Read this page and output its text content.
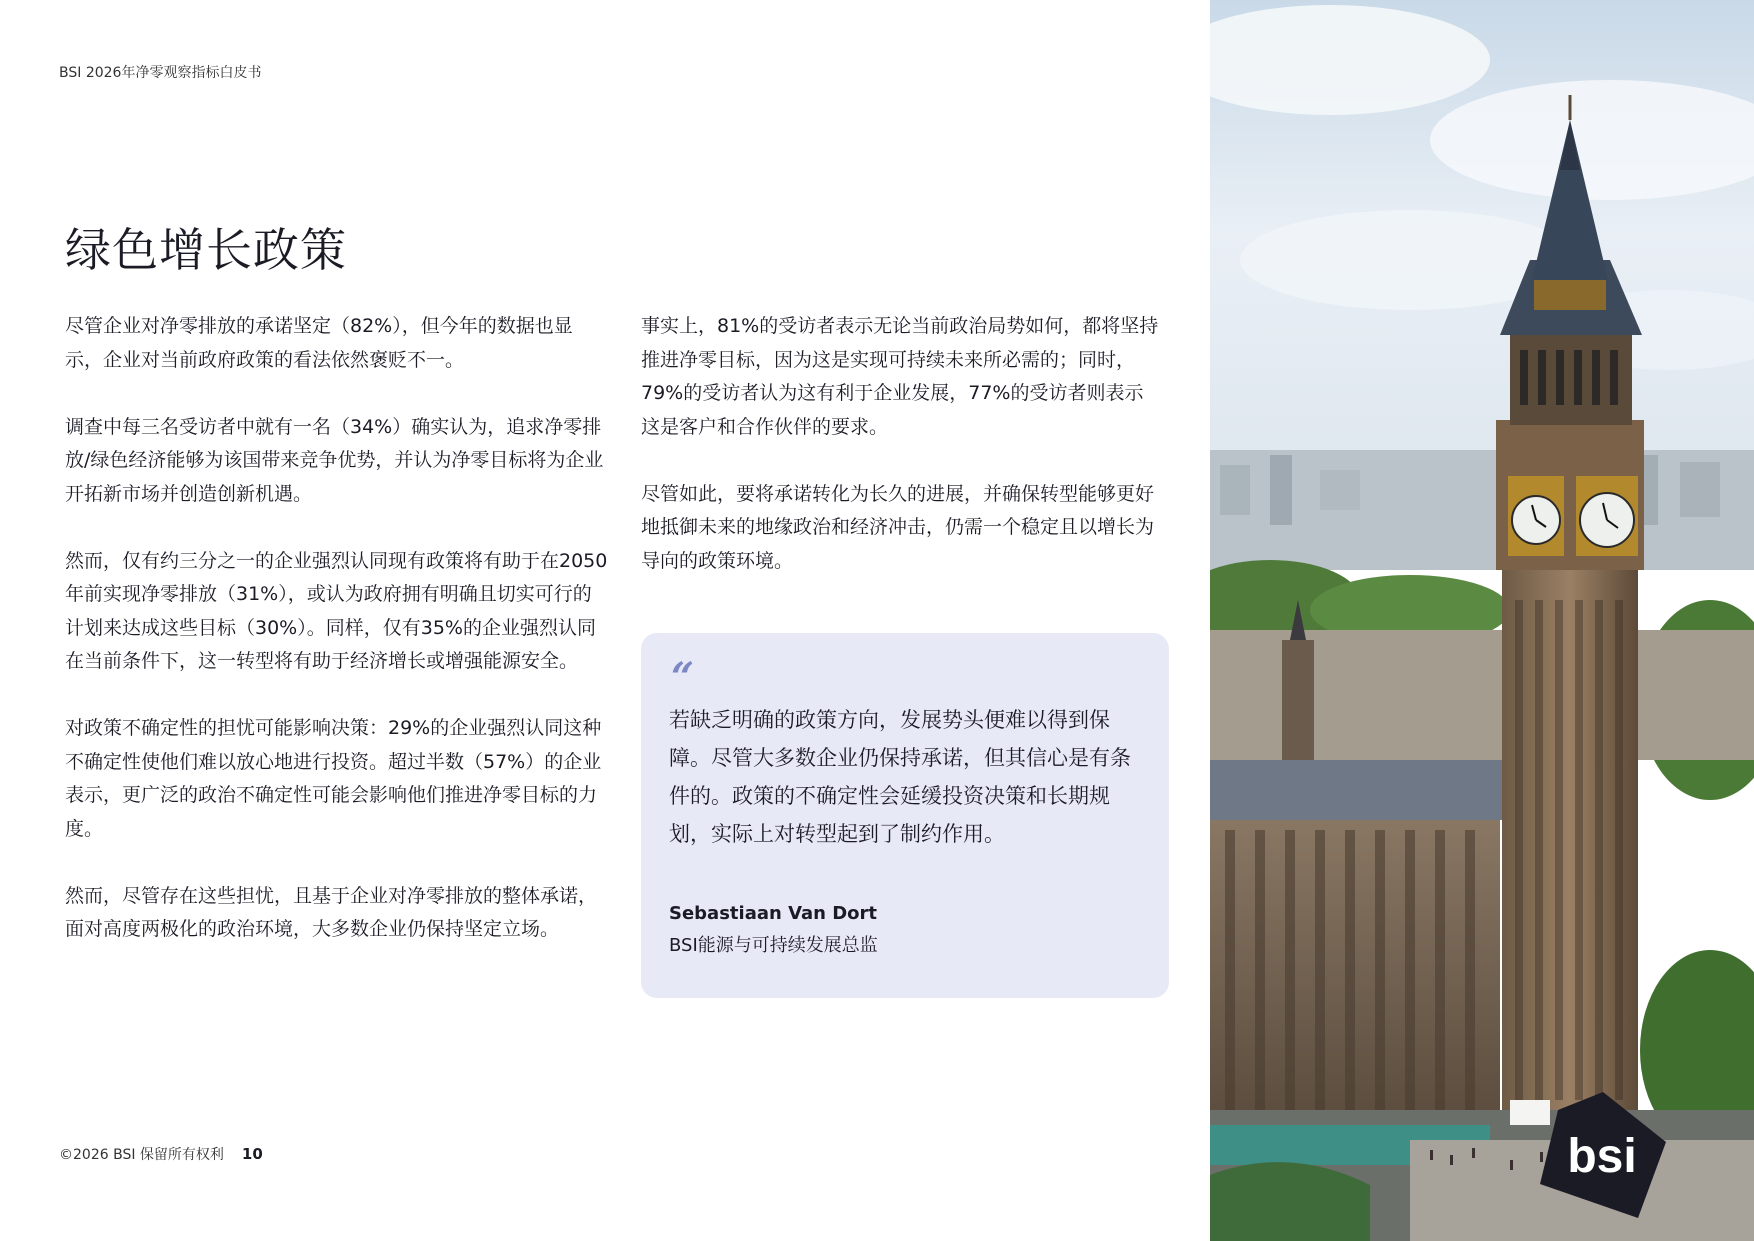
BSI 2026年净零观察指标白皮书
绿色增长政策

尽管企业对净零排放的承诺坚定（82%），但今年的数据也显示，企业对当前政府政策的看法依然褒贬不一。

调查中每三名受访者中就有一名（34%）确实认为，追求净零排放/绿色经济能够为该国带来竞争优势，并认为净零目标将为企业开拓新市场并创造创新机遇。

然而，仅有约三分之一的企业强烈认同现有政策将有助于在2050年前实现净零排放（31%），或认为政府拥有明确且切实可行的计划来达成这些目标（30%）。同样，仅有35%的企业强烈认同在当前条件下，这一转型将有助于经济增长或增强能源安全。

对政策不确定性的担忧可能影响决策：29%的企业强烈认同这种不确定性使他们难以放心地进行投资。超过半数（57%）的企业表示，更广泛的政治不确定性可能会影响他们推进净零目标的力度。

然而，尽管存在这些担忧，且基于企业对净零排放的整体承诺，面对高度两极化的政治环境，大多数企业仍保持坚定立场。

事实上，81%的受访者表示无论当前政治局势如何，都将坚持推进净零目标，因为这是实现可持续未来所必需的；同时，79%的受访者认为这有利于企业发展，77%的受访者则表示这是客户和合作伙伴的要求。

尽管如此，要将承诺转化为长久的进展，并确保转型能够更好地抵御未来的地缘政治和经济冲击，仍需一个稳定且以增长为导向的政策环境。

“
若缺乏明确的政策方向，发展势头便难以得到保障。尽管大多数企业仍保持承诺，但其信心是有条件的。政策的不确定性会延缓投资决策和长期规划，实际上对转型起到了制约作用。
Sebastiaan Van Dort
BSI能源与可持续发展总监
©2026 BSI 保留所有权利 10	bsi
